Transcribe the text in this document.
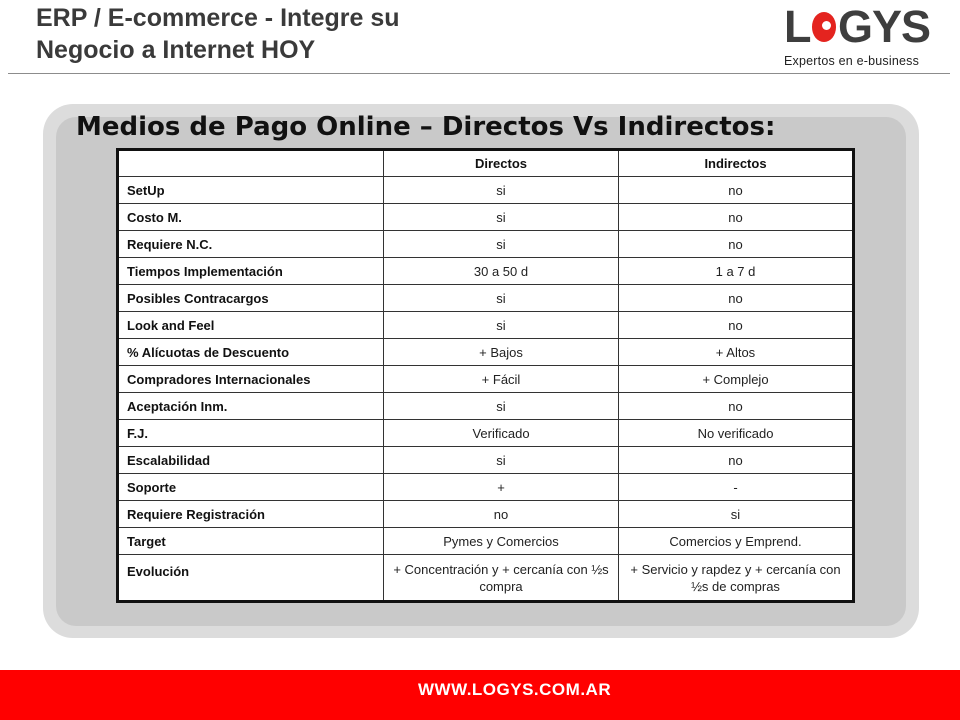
ERP / E-commerce - Integre su
Negocio a Internet HOY	L GYS
Expertos en e-business
Medios de Pago Online – Directos Vs Indirectos:
	Directos	Indirectos
SetUp	si	no
Costo M.	si	no
Requiere N.C.	si	no
Tiempos Implementación	30 a 50 d	1 a 7 d
Posibles Contracargos	si	no
Look and Feel	si	no
% Alícuotas de Descuento	+ Bajos	+ Altos
Compradores Internacionales	+ Fácil	+ Complejo
Aceptación Inm.	si	no
F.J.	Verificado	No verificado
Escalabilidad	si	no
Soporte	+	-
Requiere Registración	no	si
Target	Pymes y Comercios	Comercios y Emprend.
Evolución	+ Concentración y + cercanía con ½s compra	+ Servicio y rapdez y + cercanía con ½s de compras
WWW.LOGYS.COM.AR
